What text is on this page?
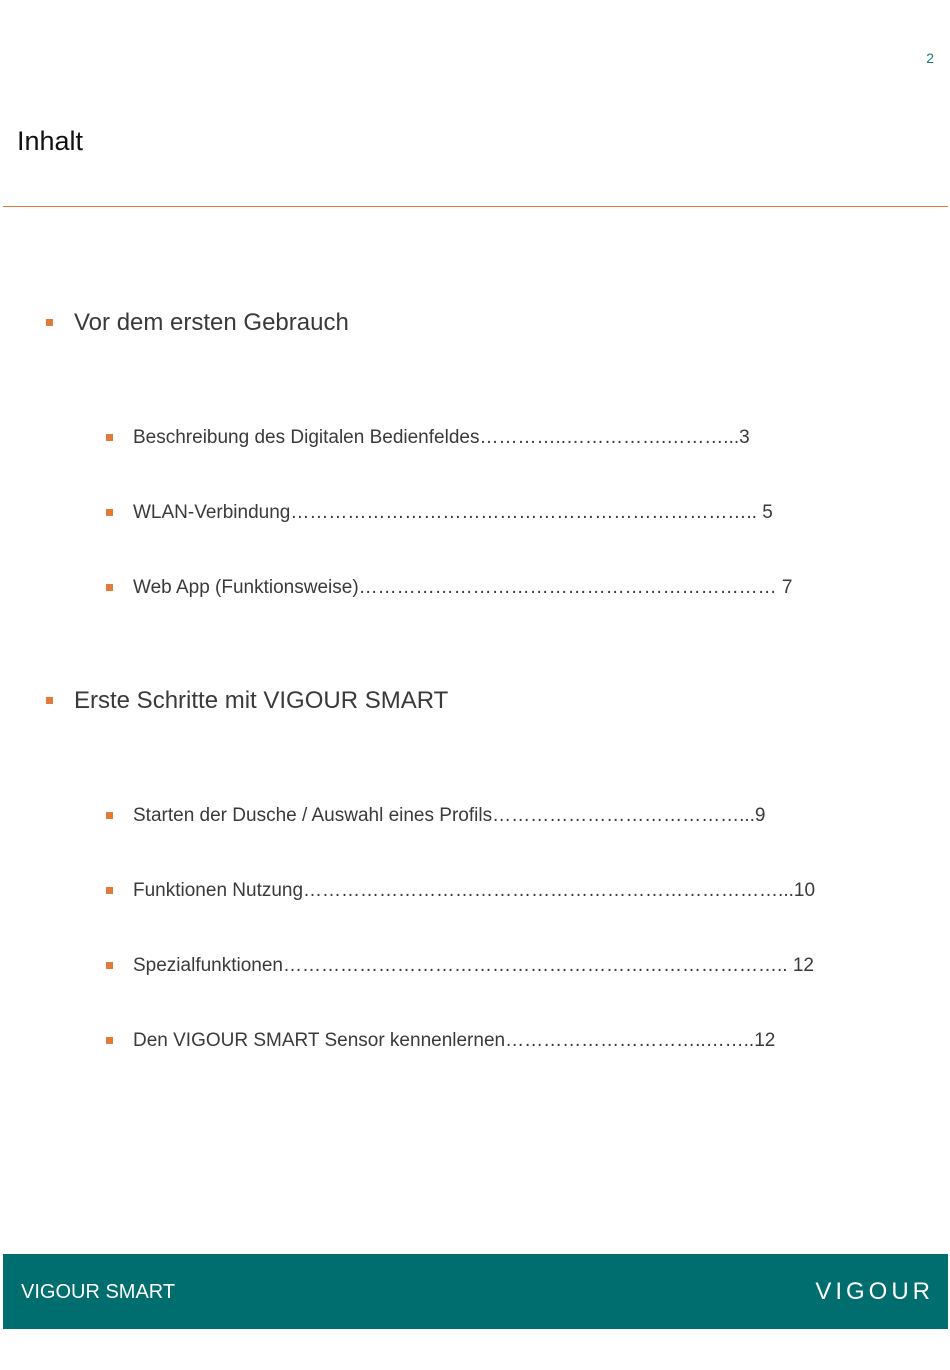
2
Inhalt
Vor dem ersten Gebrauch
Beschreibung des Digitalen Bedienfeldes…………..…………….………...3
WLAN-Verbindung……………………………………………………………….. 5
Web App (Funktionsweise)………………………………………………………… 7
Erste Schritte mit VIGOUR SMART
Starten der Dusche / Auswahl eines Profils…………………………………...9
Funktionen Nutzung…………………………………………………………………...10
Spezialfunktionen…………………………………………………………………….. 12
Den VIGOUR SMART Sensor kennenlernen…………………………..……..12
VIGOUR SMART	VIGOUR
